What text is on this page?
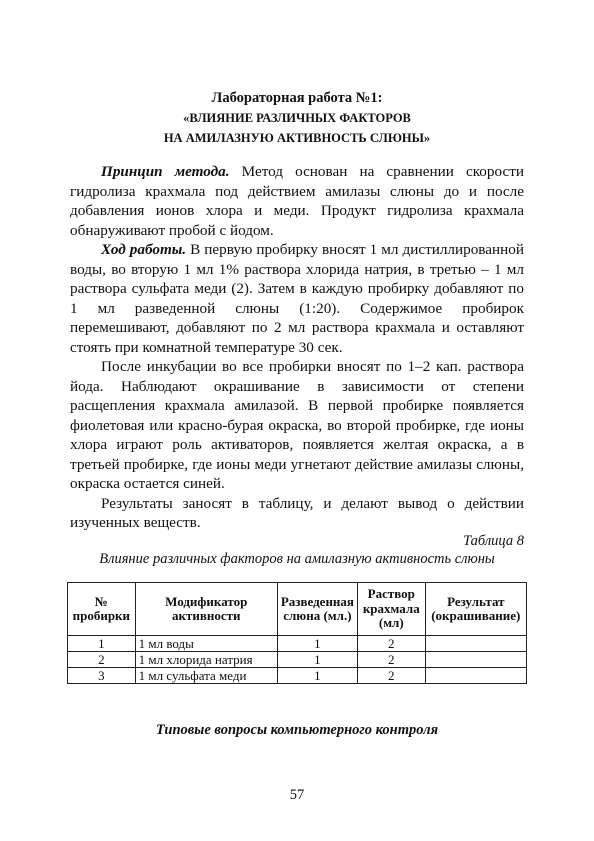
Лабораторная работа №1:
«ВЛИЯНИЕ РАЗЛИЧНЫХ ФАКТОРОВ
НА АМИЛАЗНУЮ АКТИВНОСТЬ СЛЮНЫ»

Принцип метода. Метод основан на сравнении скорости гидролиза крахмала под действием амилазы слюны до и после добавления ионов хлора и меди. Продукт гидролиза крахмала обнаруживают пробой с йодом.

Ход работы. В первую пробирку вносят 1 мл дистиллированной воды, во вторую 1 мл 1% раствора хлорида натрия, в третью – 1 мл раствора сульфата меди (2). Затем в каждую пробирку добавляют по 1 мл разведенной слюны (1:20). Содержимое пробирок перемешивают, добавляют по 2 мл раствора крахмала и оставляют стоять при комнатной температуре 30 сек.

После инкубации во все пробирки вносят по 1–2 кап. раствора йода. Наблюдают окрашивание в зависимости от степени расщепления крахмала амилазой. В первой пробирке появляется фиолетовая или красно-бурая окраска, во второй пробирке, где ионы хлора играют роль активаторов, появляется желтая окраска, а в третьей пробирке, где ионы меди угнетают действие амилазы слюны, окраска остается синей.

Результаты заносят в таблицу, и делают вывод о действии изученных веществ.

Таблица 8
Влияние различных факторов на амилазную активность слюны
№ пробирки	Модификатор активности	Разведенная слюна (мл.)	Раствор крахмала (мл)	Результат (окрашивание)
1	1 мл воды	1	2	
2	1 мл хлорида натрия	1	2	
3	1 мл сульфата меди	1	2	
Типовые вопросы компьютерного контроля
57
